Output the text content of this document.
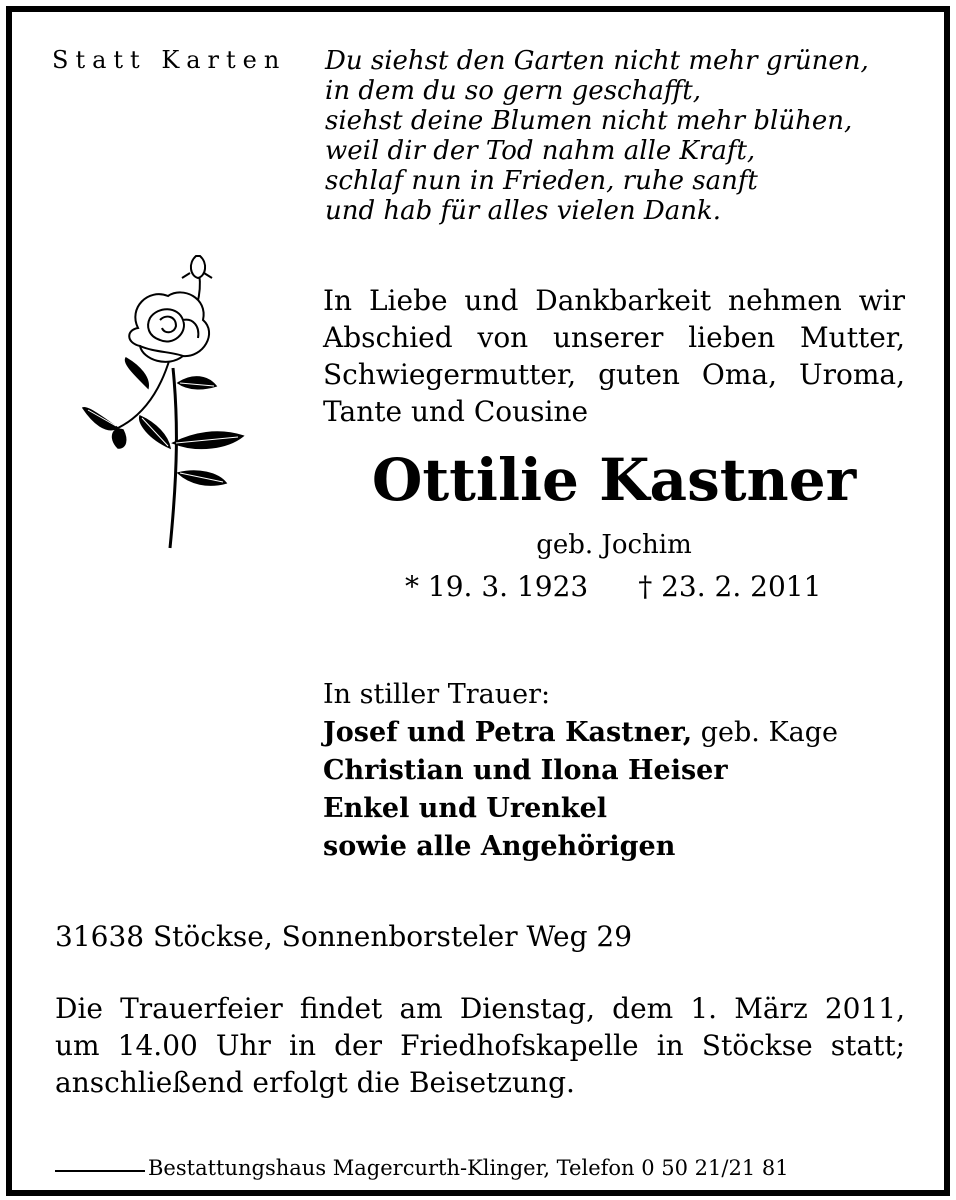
Statt Karten Du siehst den Garten nicht mehr grünen,
in dem du so gern geschafft,
siehst deine Blumen nicht mehr blühen,
weil dir der Tod nahm alle Kraft,
schlaf nun in Frieden, ruhe sanft
und hab für alles vielen Dank.
In Liebe und Dankbarkeit nehmen wir
Abschied von unserer lieben Mutter,
Schwiegermutter, guten Oma, Uroma,
Tante und Cousine

Ottilie Kastner

geb. Jochim

* 19. 3. 1923 † 23. 2. 2011

In stiller Trauer:
Josef und Petra Kastner, geb. Kage
Christian und Ilona Heiser
Enkel und Urenkel
sowie alle Angehörigen

31638 Stöckse, Sonnenborsteler Weg 29

Die Trauerfeier findet am Dienstag, dem 1. März 2011,
um 14.00 Uhr in der Friedhofskapelle in Stöckse statt;
anschließend erfolgt die Beisetzung.

Bestattungshaus Magercurth-Klinger, Telefon 0 50 21/21 81
